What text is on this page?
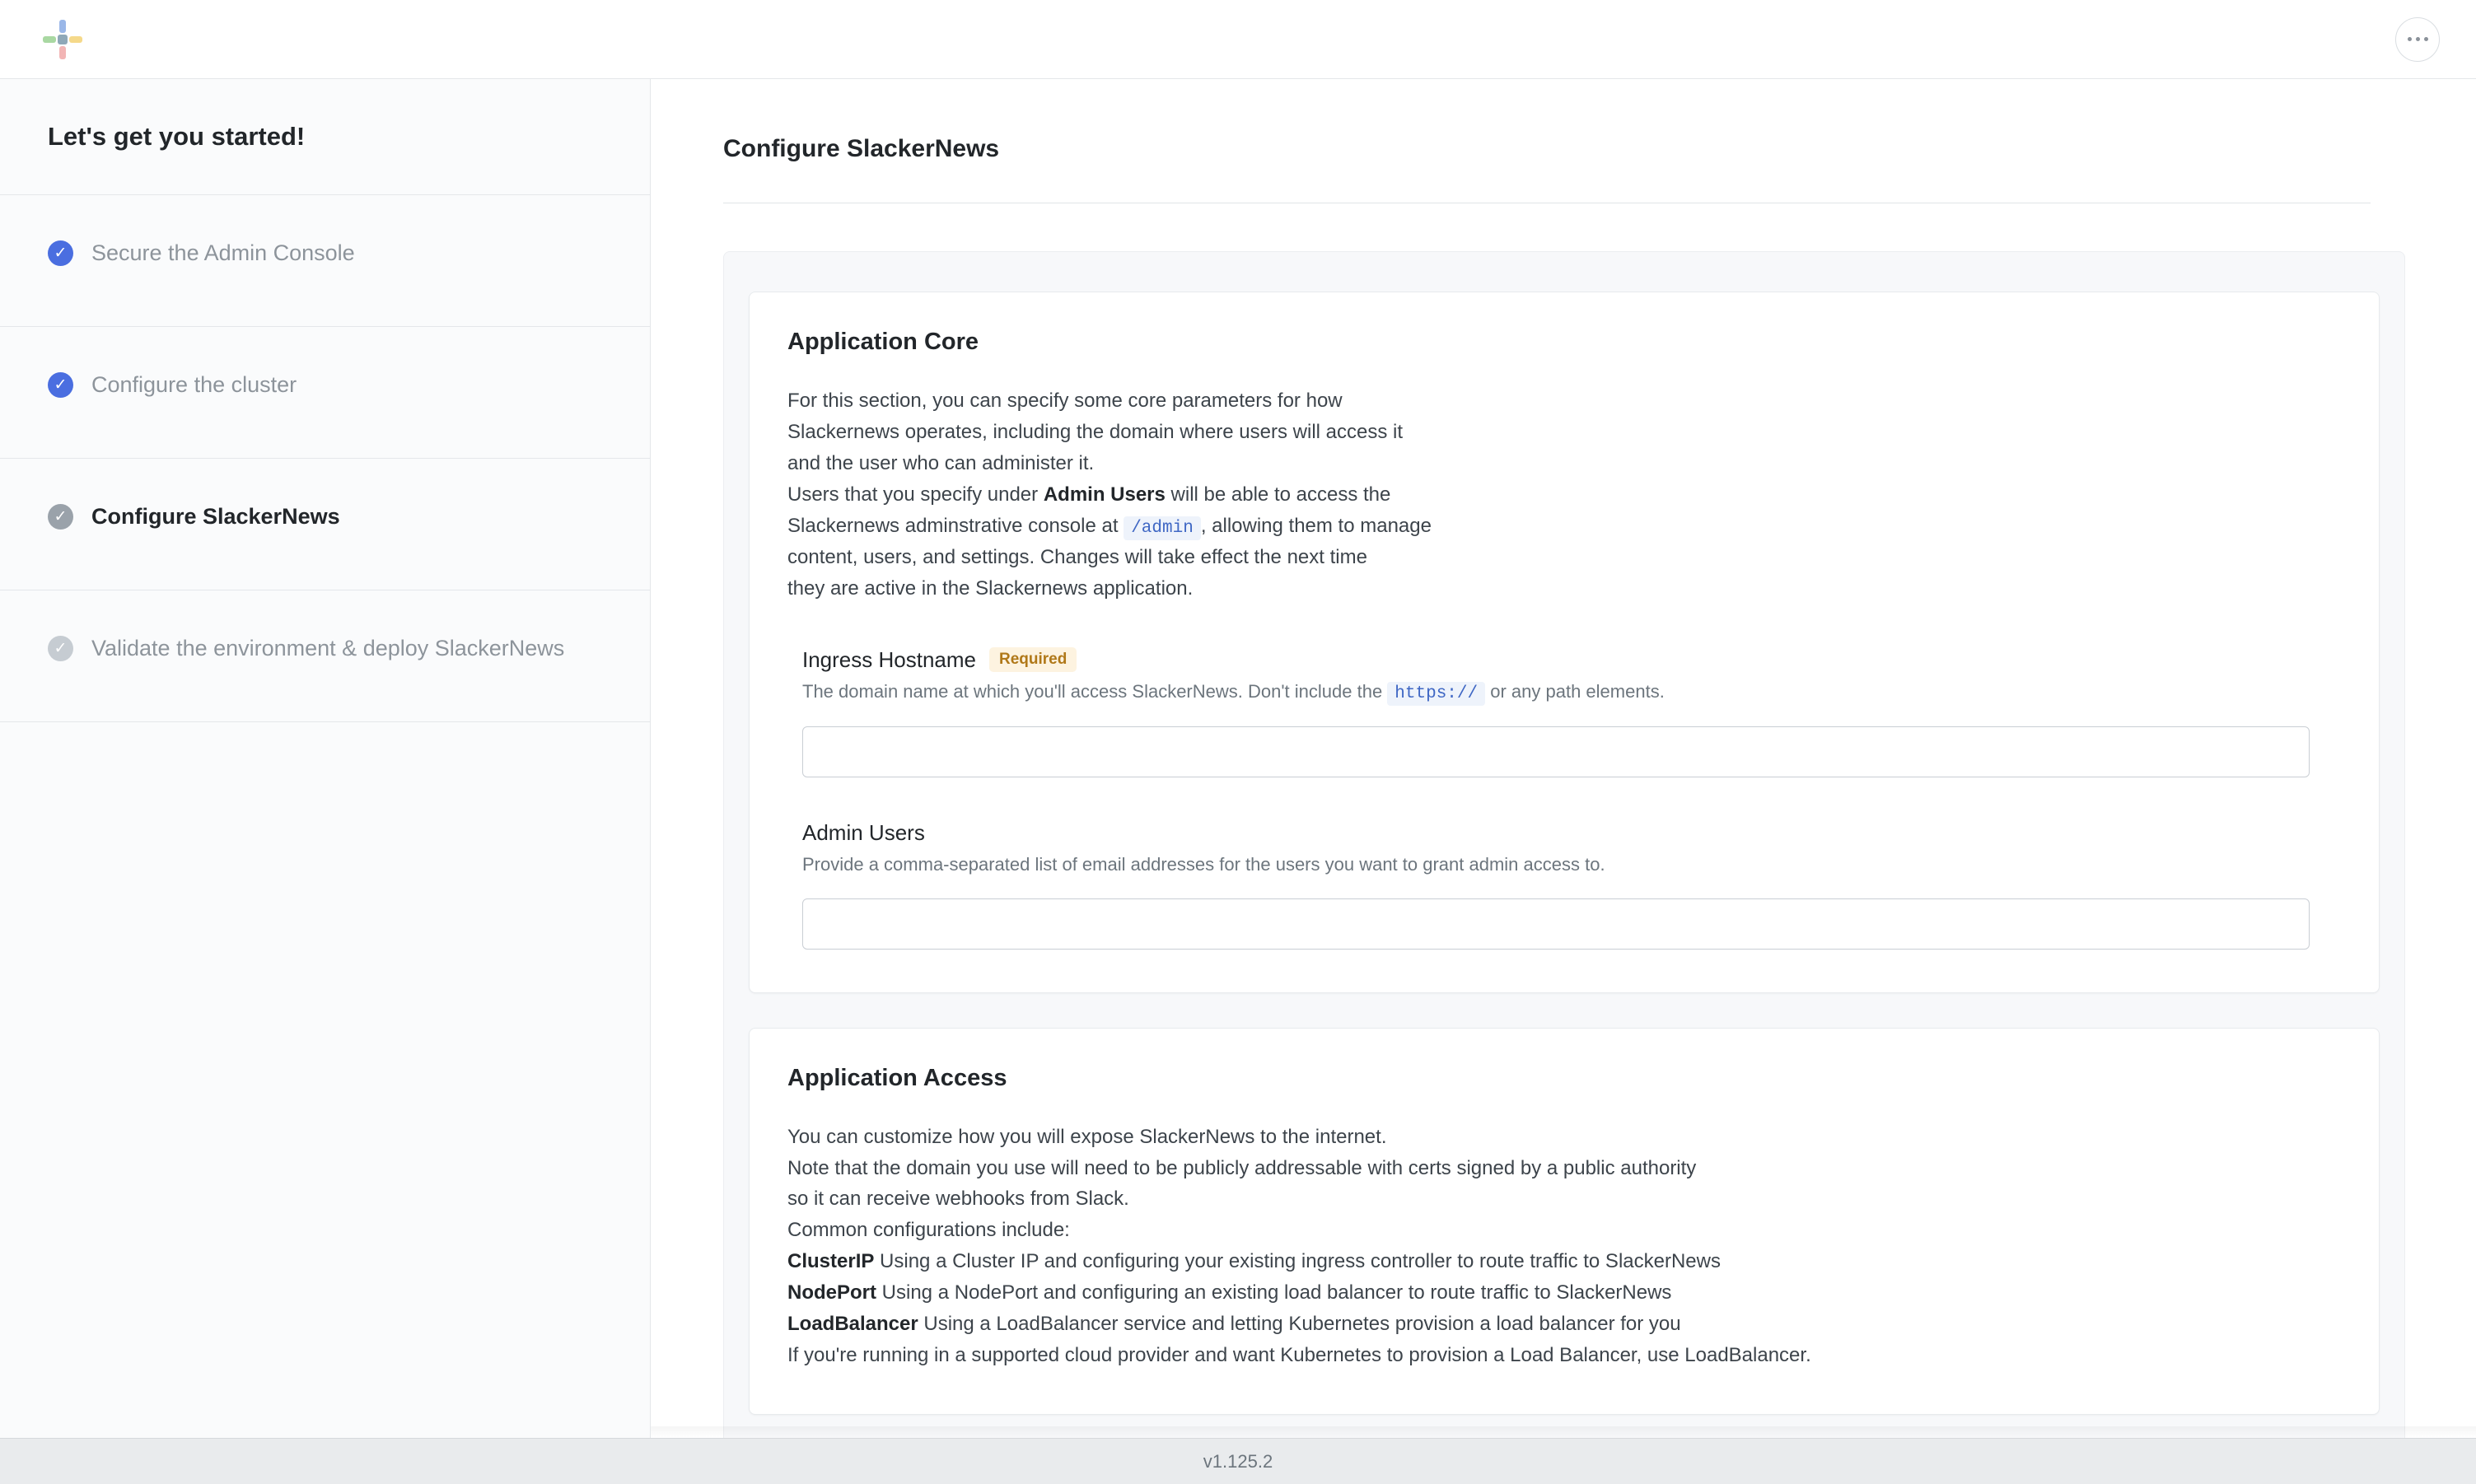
Let's get you started!
✓ Secure the Admin Console
✓ Configure the cluster
✓ Configure SlackerNews
✓ Validate the environment & deploy SlackerNews
Configure SlackerNews
Application Core
For this section, you can specify some core parameters for how
Slackernews operates, including the domain where users will access it
and the user who can administer it.
Users that you specify under Admin Users will be able to access the
Slackernews adminstrative console at /admin , allowing them to manage
content, users, and settings. Changes will take effect the next time
they are active in the Slackernews application.
Ingress Hostname	Required
The domain name at which you'll access SlackerNews. Don't include the https:// or any path elements.
Admin Users
Provide a comma-separated list of email addresses for the users you want to grant admin access to.
Application Access
You can customize how you will expose SlackerNews to the internet.
Note that the domain you use will need to be publicly addressable with certs signed by a public authority
so it can receive webhooks from Slack.
Common configurations include:
ClusterIP Using a Cluster IP and configuring your existing ingress controller to route traffic to SlackerNews
NodePort Using a NodePort and configuring an existing load balancer to route traffic to SlackerNews
LoadBalancer Using a LoadBalancer service and letting Kubernetes provision a load balancer for you
If you're running in a supported cloud provider and want Kubernetes to provision a Load Balancer, use LoadBalancer.
v1.125.2
